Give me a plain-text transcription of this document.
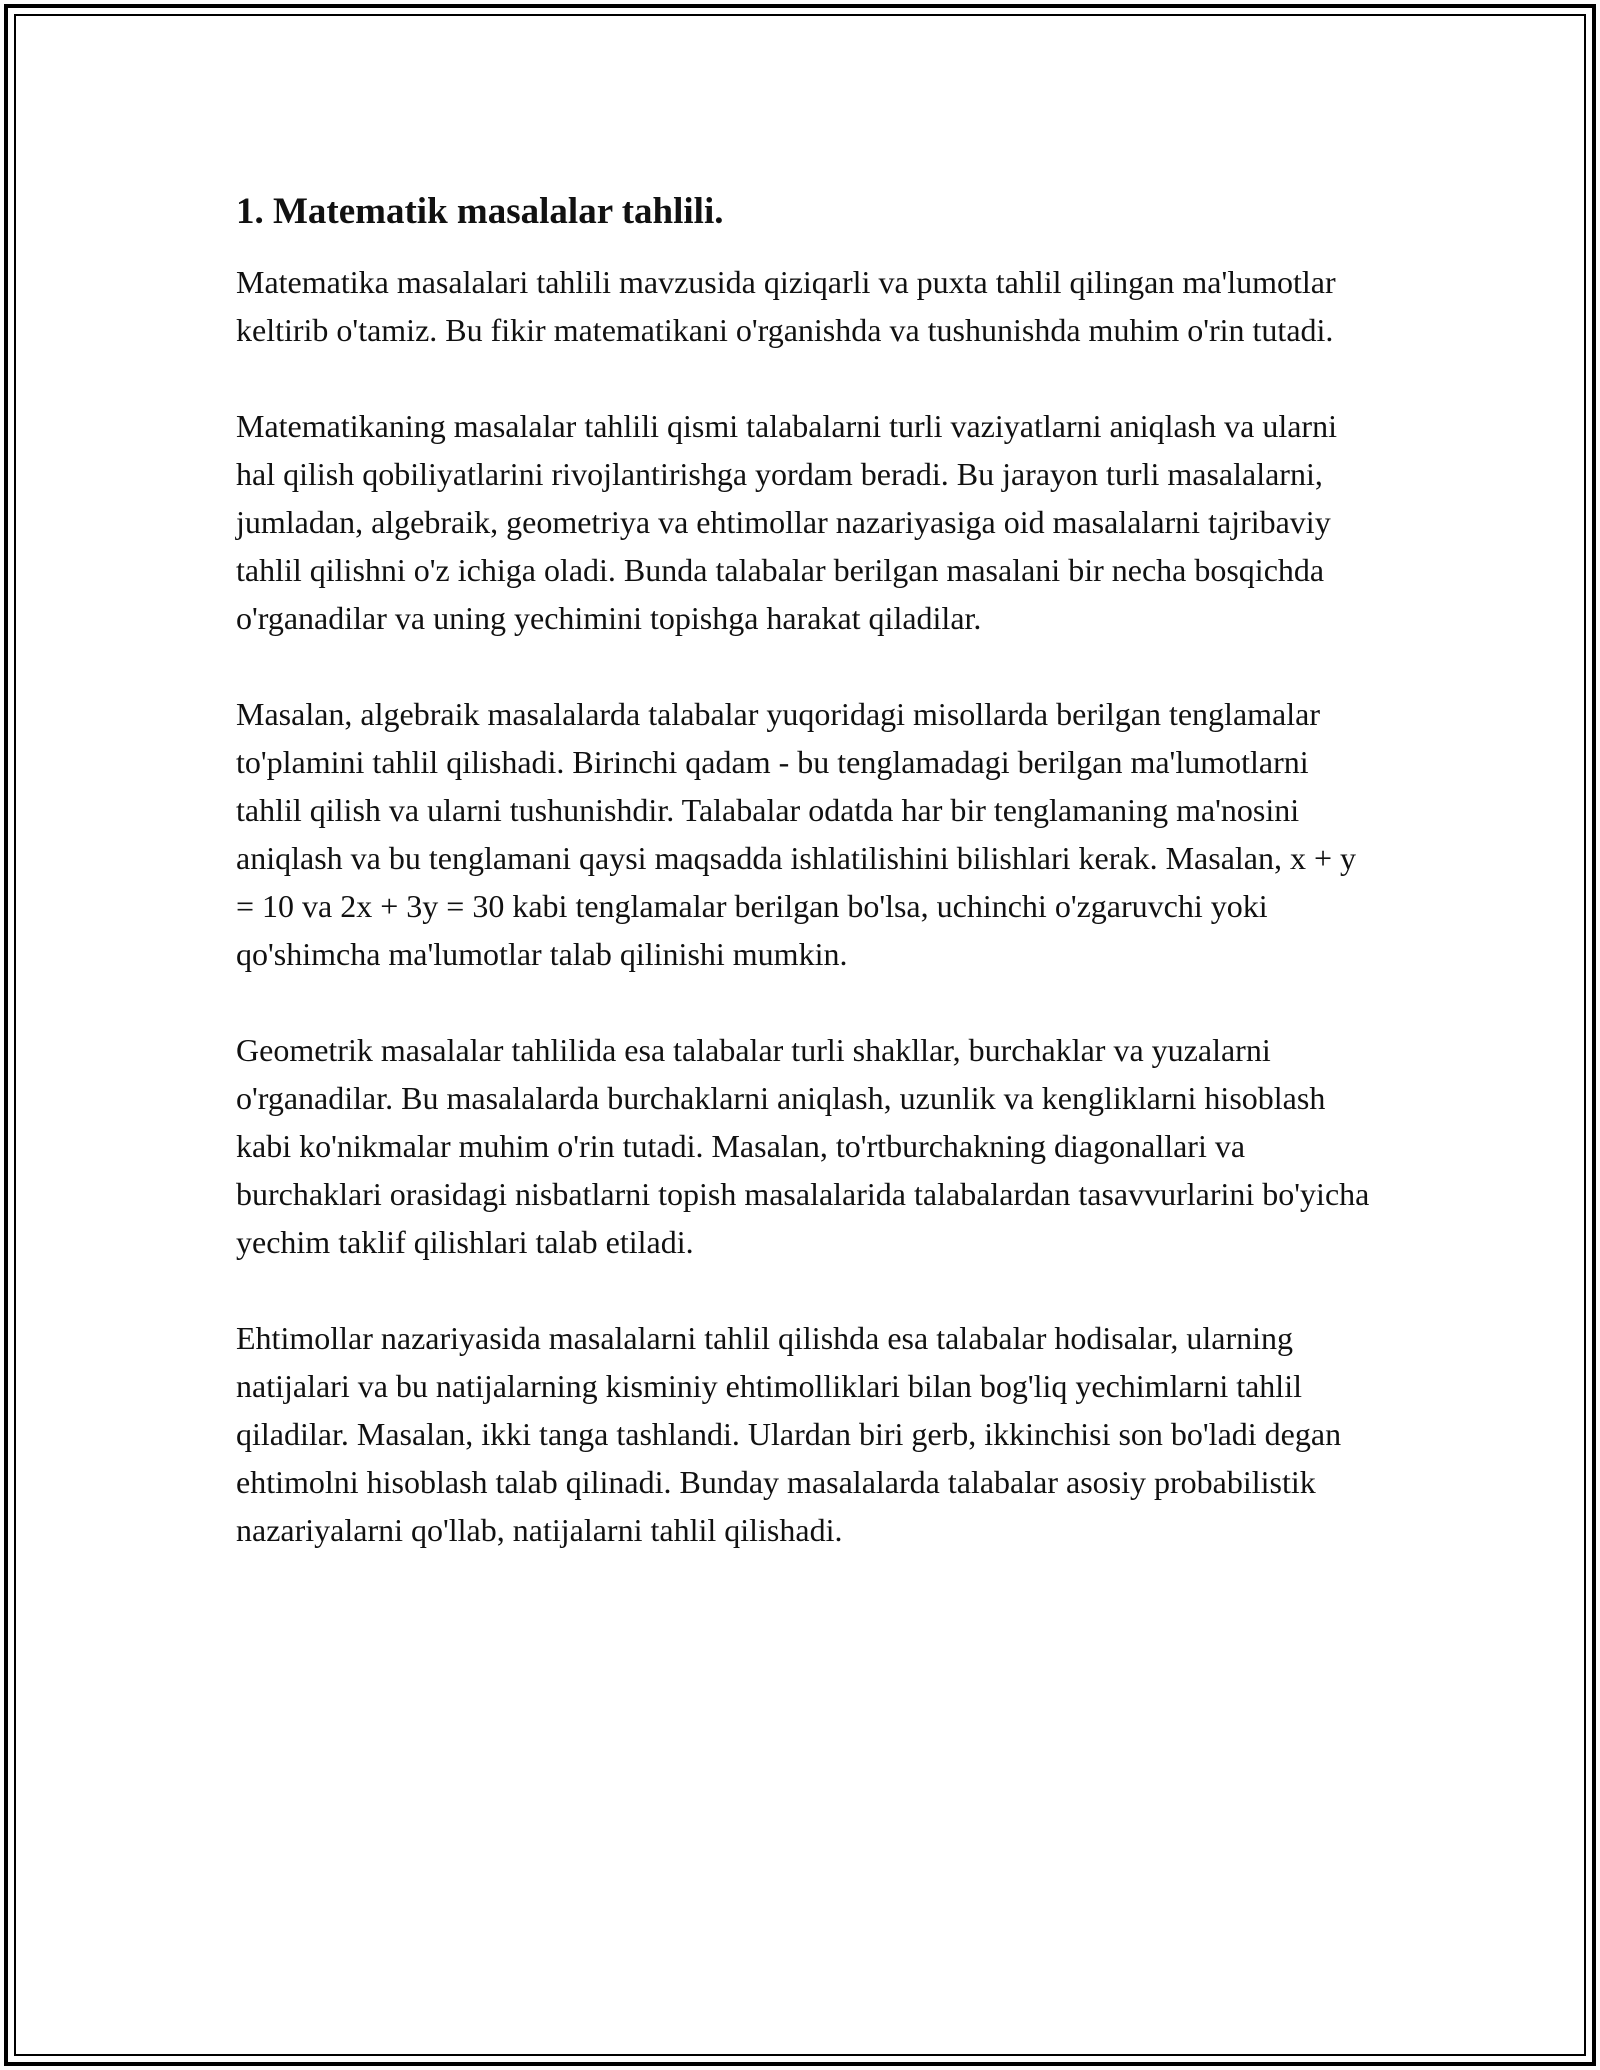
1. Matematik masalalar tahlili.

Matematika masalalari tahlili mavzusida qiziqarli va puxta tahlil qilingan ma'lumotlar keltirib o'tamiz. Bu fikir matematikani o'rganishda va tushunishda muhim o'rin tutadi.

Matematikaning masalalar tahlili qismi talabalarni turli vaziyatlarni aniqlash va ularni hal qilish qobiliyatlarini rivojlantirishga yordam beradi. Bu jarayon turli masalalarni, jumladan, algebraik, geometriya va ehtimollar nazariyasiga oid masalalarni tajribaviy tahlil qilishni o'z ichiga oladi. Bunda talabalar berilgan masalani bir necha bosqichda o'rganadilar va uning yechimini topishga harakat qiladilar.

Masalan, algebraik masalalarda talabalar yuqoridagi misollarda berilgan tenglamalar to'plamini tahlil qilishadi. Birinchi qadam - bu tenglamadagi berilgan ma'lumotlarni tahlil qilish va ularni tushunishdir. Talabalar odatda har bir tenglamaning ma'nosini aniqlash va bu tenglamani qaysi maqsadda ishlatilishini bilishlari kerak. Masalan, x + y = 10 va 2x + 3y = 30 kabi tenglamalar berilgan bo'lsa, uchinchi o'zgaruvchi yoki qo'shimcha ma'lumotlar talab qilinishi mumkin.

Geometrik masalalar tahlilida esa talabalar turli shakllar, burchaklar va yuzalarni o'rganadilar. Bu masalalarda burchaklarni aniqlash, uzunlik va kengliklarni hisoblash kabi ko'nikmalar muhim o'rin tutadi. Masalan, to'rtburchakning diagonallari va burchaklari orasidagi nisbatlarni topish masalalarida talabalardan tasavvurlarini bo'yicha yechim taklif qilishlari talab etiladi.

Ehtimollar nazariyasida masalalarni tahlil qilishda esa talabalar hodisalar, ularning natijalari va bu natijalarning kisminiy ehtimolliklari bilan bog'liq yechimlarni tahlil qiladilar. Masalan, ikki tanga tashlandi. Ulardan biri gerb, ikkinchisi son bo'ladi degan ehtimolni hisoblash talab qilinadi. Bunday masalalarda talabalar asosiy probabilistik nazariyalarni qo'llab, natijalarni tahlil qilishadi.
